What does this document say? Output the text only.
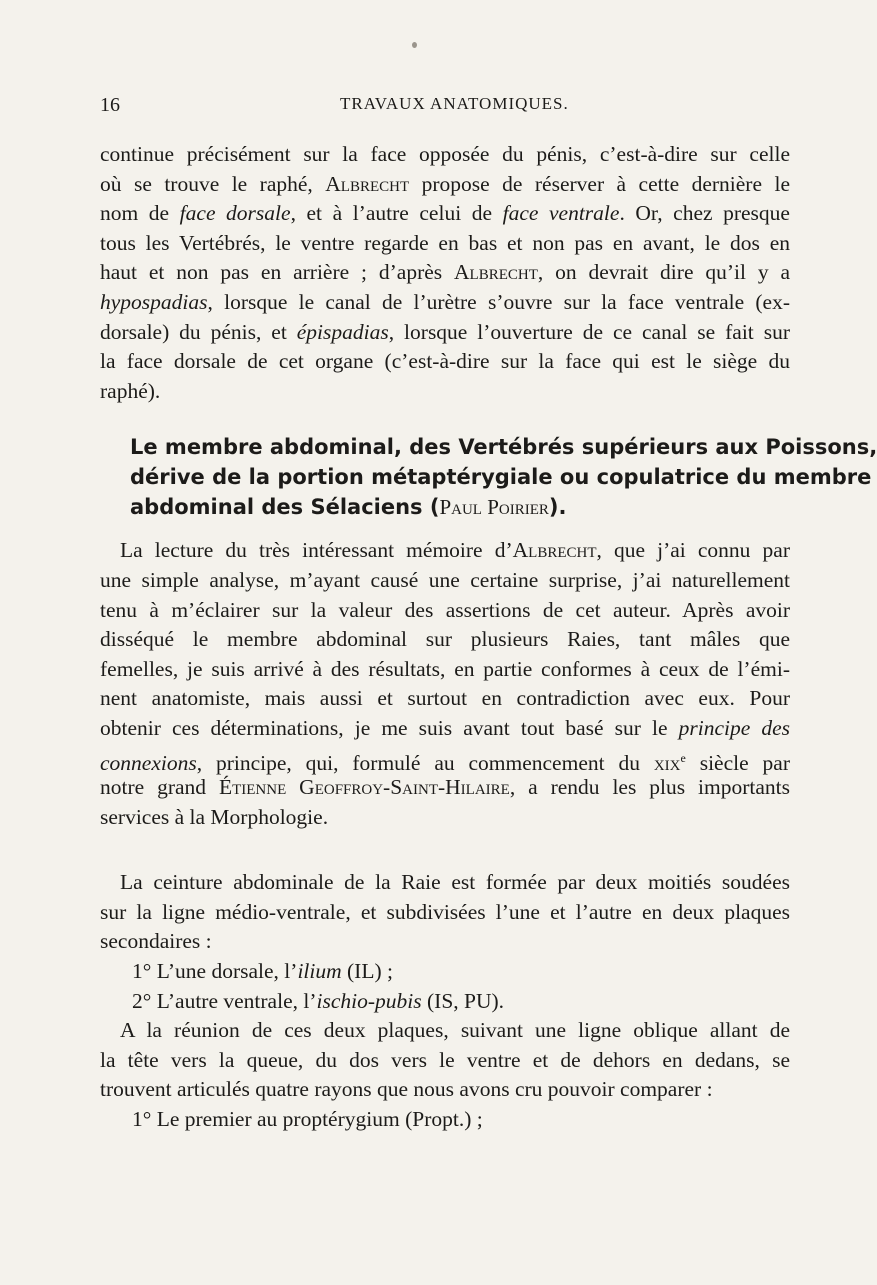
16	TRAVAUX ANATOMIQUES.
continue précisément sur la face opposée du pénis, c’est-à-dire sur celle
où se trouve le raphé, Albrecht propose de réserver à cette dernière le
nom de face dorsale, et à l’autre celui de face ventrale. Or, chez presque
tous les Vertébrés, le ventre regarde en bas et non pas en avant, le dos en
haut et non pas en arrière ; d’après Albrecht, on devrait dire qu’il y a
hypospadias, lorsque le canal de l’urètre s’ouvre sur la face ventrale (ex-
dorsale) du pénis, et épispadias, lorsque l’ouverture de ce canal se fait sur
la face dorsale de cet organe (c’est-à-dire sur la face qui est le siège du
raphé).
Le membre abdominal, des Vertébrés supérieurs aux Poissons,
dérive de la portion métaptérygiale ou copulatrice du membre
abdominal des Sélaciens (Paul Poirier).
La lecture du très intéressant mémoire d’Albrecht, que j’ai connu par
une simple analyse, m’ayant causé une certaine surprise, j’ai naturellement
tenu à m’éclairer sur la valeur des assertions de cet auteur. Après avoir
disséqué le membre abdominal sur plusieurs Raies, tant mâles que
femelles, je suis arrivé à des résultats, en partie conformes à ceux de l’émi-
nent anatomiste, mais aussi et surtout en contradiction avec eux. Pour
obtenir ces déterminations, je me suis avant tout basé sur le principe des
connexions, principe, qui, formulé au commencement du xix$^e$ siècle par
notre grand Étienne Geoffroy-Saint-Hilaire, a rendu les plus importants
services à la Morphologie.
La ceinture abdominale de la Raie est formée par deux moitiés soudées
sur la ligne médio-ventrale, et subdivisées l’une et l’autre en deux plaques
secondaires :
1° L’une dorsale, l’ilium (IL) ;
2° L’autre ventrale, l’ischio-pubis (IS, PU).
A la réunion de ces deux plaques, suivant une ligne oblique allant de
la tête vers la queue, du dos vers le ventre et de dehors en dedans, se
trouvent articulés quatre rayons que nous avons cru pouvoir comparer :
1° Le premier au proptérygium (Propt.) ;
